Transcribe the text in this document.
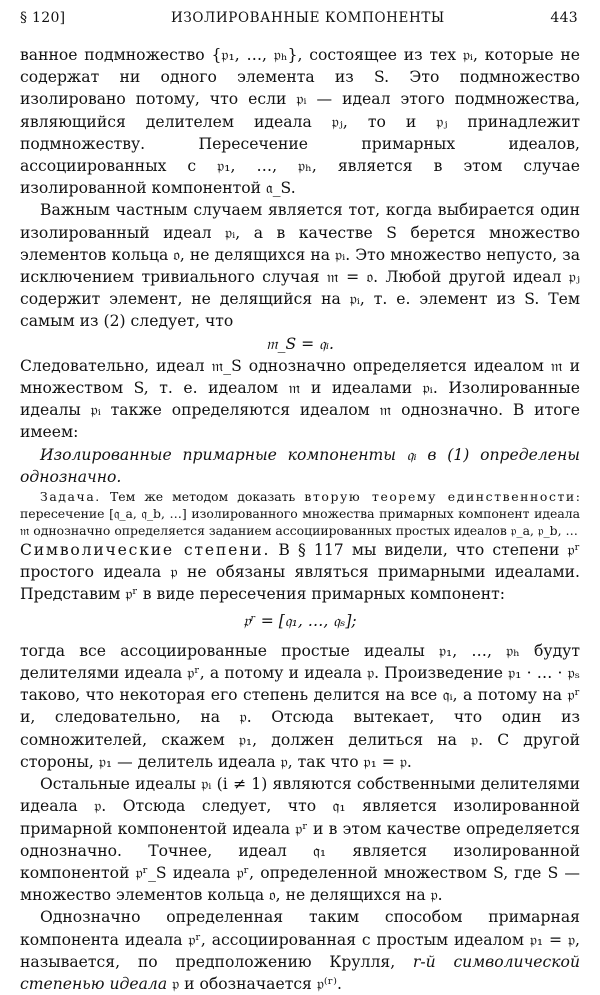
§ 120]	ИЗОЛИРОВАННЫЕ КОМПОНЕНТЫ	443

ванное подмножество {𝔭₁, …, 𝔭ₕ}, состоящее из тех 𝔭ᵢ, которые не содержат ни одного элемента из S. Это подмножество изолировано потому, что если 𝔭ᵢ — идеал этого подмножества, являющийся делителем идеала 𝔭ⱼ, то и 𝔭ⱼ принадлежит подмножеству. Пересечение примарных идеалов, ассоциированных с 𝔭₁, …, 𝔭ₕ, является в этом случае изолированной компонентой 𝔞_S.

Важным частным случаем является тот, когда выбирается один изолированный идеал 𝔭ᵢ, а в качестве S берется множество элементов кольца 𝔬, не делящихся на 𝔭ᵢ. Это множество непусто, за исключением тривиального случая 𝔪 = 𝔬. Любой другой идеал 𝔭ⱼ содержит элемент, не делящийся на 𝔭ᵢ, т. е. элемент из S. Тем самым из (2) следует, что

𝔪_S = 𝔮ᵢ.

Следовательно, идеал 𝔪_S однозначно определяется идеалом 𝔪 и множеством S, т. е. идеалом 𝔪 и идеалами 𝔭ᵢ. Изолированные идеалы 𝔭ᵢ также определяются идеалом 𝔪 однозначно. В итоге имеем:

Изолированные примарные компоненты 𝔮ᵢ в (1) определены однозначно.

Задача. Тем же методом доказать вторую теорему единственности: пересечение [𝔮_a, 𝔮_b, …] изолированного множества примарных компонент идеала 𝔪 однозначно определяется заданием ассоциированных простых идеалов 𝔭_a, 𝔭_b, …

Символические степени. В § 117 мы видели, что степени 𝔭ʳ простого идеала 𝔭 не обязаны являться примарными идеалами. Представим 𝔭ʳ в виде пересечения примарных компонент:

𝔭ʳ = [𝔮₁, …, 𝔮ₛ];

тогда все ассоциированные простые идеалы 𝔭₁, …, 𝔭ₕ будут делителями идеала 𝔭ʳ, а потому и идеала 𝔭. Произведение 𝔭₁ · … · 𝔭ₛ таково, что некоторая его степень делится на все 𝔮ᵢ, а потому на 𝔭ʳ и, следовательно, на 𝔭. Отсюда вытекает, что один из сомножителей, скажем 𝔭₁, должен делиться на 𝔭. С другой стороны, 𝔭₁ — делитель идеала 𝔭, так что 𝔭₁ = 𝔭.

Остальные идеалы 𝔭ᵢ (i ≠ 1) являются собственными делителями идеала 𝔭. Отсюда следует, что 𝔮₁ является изолированной примарной компонентой идеала 𝔭ʳ и в этом качестве определяется однозначно. Точнее, идеал 𝔮₁ является изолированной компонентой 𝔭ʳ_S идеала 𝔭ʳ, определенной множеством S, где S — множество элементов кольца 𝔬, не делящихся на 𝔭.

Однозначно определенная таким способом примарная компонента идеала 𝔭ʳ, ассоциированная с простым идеалом 𝔭₁ = 𝔭, называется, по предположению Крулля, r-й символической степенью идеала 𝔭 и обозначается 𝔭⁽ʳ⁾.
